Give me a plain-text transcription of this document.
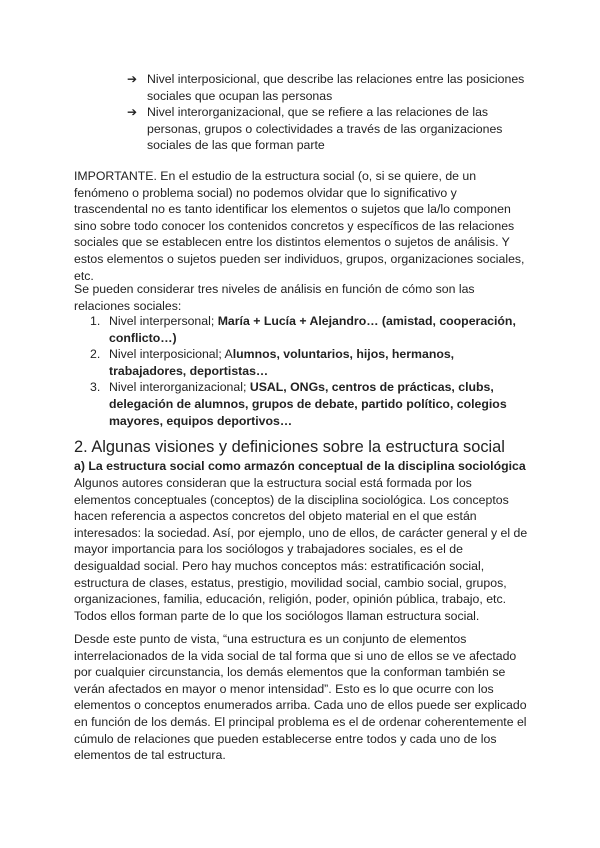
➔ Nivel interposicional, que describe las relaciones entre las posiciones sociales que ocupan las personas
➔ Nivel interorganizacional, que se refiere a las relaciones de las personas, grupos o colectividades a través de las organizaciones sociales de las que forman parte

IMPORTANTE. En el estudio de la estructura social (o, si se quiere, de un fenómeno o problema social) no podemos olvidar que lo significativo y trascendental no es tanto identificar los elementos o sujetos que la/lo componen sino sobre todo conocer los contenidos concretos y específicos de las relaciones sociales que se establecen entre los distintos elementos o sujetos de análisis. Y estos elementos o sujetos pueden ser individuos, grupos, organizaciones sociales, etc.

Se pueden considerar tres niveles de análisis en función de cómo son las relaciones sociales:

1. Nivel interpersonal; María + Lucía + Alejandro… (amistad, cooperación, conflicto…)
2. Nivel interposicional; Alumnos, voluntarios, hijos, hermanos, trabajadores, deportistas…
3. Nivel interorganizacional; USAL, ONGs, centros de prácticas, clubs, delegación de alumnos, grupos de debate, partido político, colegios mayores, equipos deportivos…
2. Algunas visiones y definiciones sobre la estructura social

a) La estructura social como armazón conceptual de la disciplina sociológica

Algunos autores consideran que la estructura social está formada por los elementos conceptuales (conceptos) de la disciplina sociológica. Los conceptos hacen referencia a aspectos concretos del objeto material en el que están interesados: la sociedad. Así, por ejemplo, uno de ellos, de carácter general y el de mayor importancia para los sociólogos y trabajadores sociales, es el de desigualdad social. Pero hay muchos conceptos más: estratificación social, estructura de clases, estatus, prestigio, movilidad social, cambio social, grupos, organizaciones, familia, educación, religión, poder, opinión pública, trabajo, etc. Todos ellos forman parte de lo que los sociólogos llaman estructura social.

Desde este punto de vista, “una estructura es un conjunto de elementos interrelacionados de la vida social de tal forma que si uno de ellos se ve afectado por cualquier circunstancia, los demás elementos que la conforman también se verán afectados en mayor o menor intensidad”. Esto es lo que ocurre con los elementos o conceptos enumerados arriba. Cada uno de ellos puede ser explicado en función de los demás. El principal problema es el de ordenar coherentemente el cúmulo de relaciones que pueden establecerse entre todos y cada uno de los elementos de tal estructura.
